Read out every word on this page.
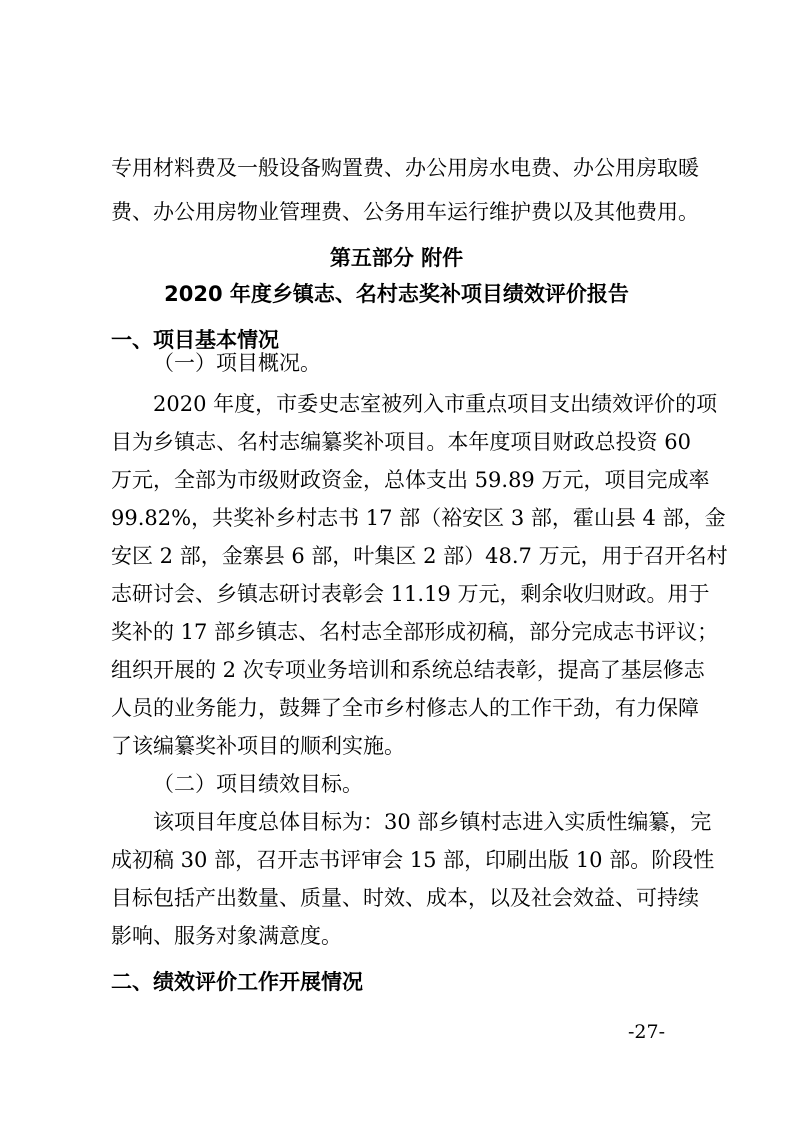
专用材料费及一般设备购置费、办公用房水电费、办公用房取暖
费、办公用房物业管理费、公务用车运行维护费以及其他费用。
第五部分 附件
2020 年度乡镇志、名村志奖补项目绩效评价报告
一、项目基本情况
（一）项目概况。
2020 年度，市委史志室被列入市重点项目支出绩效评价的项
目为乡镇志、名村志编纂奖补项目。本年度项目财政总投资 60
万元，全部为市级财政资金，总体支出 59.89 万元，项目完成率
99.82%，共奖补乡村志书 17 部（裕安区 3 部，霍山县 4 部，金
安区 2 部，金寨县 6 部，叶集区 2 部）48.7 万元，用于召开名村
志研讨会、乡镇志研讨表彰会 11.19 万元，剩余收归财政。用于
奖补的 17 部乡镇志、名村志全部形成初稿，部分完成志书评议；
组织开展的 2 次专项业务培训和系统总结表彰，提高了基层修志
人员的业务能力，鼓舞了全市乡村修志人的工作干劲，有力保障
了该编纂奖补项目的顺利实施。
（二）项目绩效目标。
该项目年度总体目标为：30 部乡镇村志进入实质性编纂，完
成初稿 30 部，召开志书评审会 15 部，印刷出版 10 部。阶段性
目标包括产出数量、质量、时效、成本，以及社会效益、可持续
影响、服务对象满意度。
二、绩效评价工作开展情况
-27-
